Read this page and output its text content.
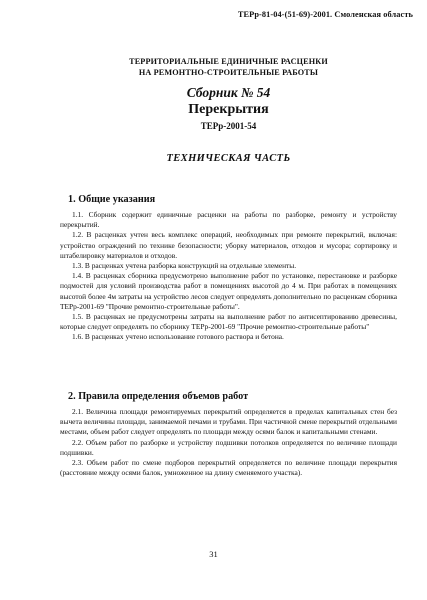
ТЕРр-81-04-(51-69)-2001. Смоленская область
ТЕРРИТОРИАЛЬНЫЕ ЕДИНИЧНЫЕ РАСЦЕНКИ
НА РЕМОНТНО-СТРОИТЕЛЬНЫЕ РАБОТЫ
Сборник № 54
Перекрытия
ТЕРр-2001-54
ТЕХНИЧЕСКАЯ ЧАСТЬ
1. Общие указания

1.1. Сборник содержит единичные расценки на работы по разборке, ремонту и устройству перекрытий.

1.2. В расценках учтен весь комплекс операций, необходимых при ремонте перекрытий, включая: устройство ограждений по технике безопасности; уборку материалов, отходов и мусора; сортировку и штабелировку материалов и отходов.

1.3. В расценках учтена разборка конструкций на отдельные элементы.

1.4. В расценках сборника предусмотрено выполнение работ по установке, перестановке и разборке подмостей для условий производства работ в помещениях высотой до 4 м. При работах в помещениях высотой более 4м затраты на устройство лесов следует определять дополнительно по расценкам сборника ТЕРр-2001-69 "Прочие ремонтно-строительные работы".

1.5. В расценках не предусмотрены затраты на выполнение работ по антисептированию древесины, которые следует определять по сборнику ТЕРр-2001-69 "Прочие ремонтно-строительные работы"

1.6. В расценках учтено использование готового раствора и бетона.

2. Правила определения объемов работ

2.1. Величина площади ремонтируемых перекрытий определяется в пределах капитальных стен без вычета величины площади, занимаемой печами и трубами. При частичной смене перекрытий отдельными местами, объем работ следует определять по площади между осями балок и капитальными стенами.

2.2. Объем работ по разборке и устройству подшивки потолков определяется по величине площади подшивки.

2.3. Объем работ по смене подборов перекрытий определяется по величине площади перекрытия (расстояние между осями балок, умноженное на длину сменяемого участка).

31
